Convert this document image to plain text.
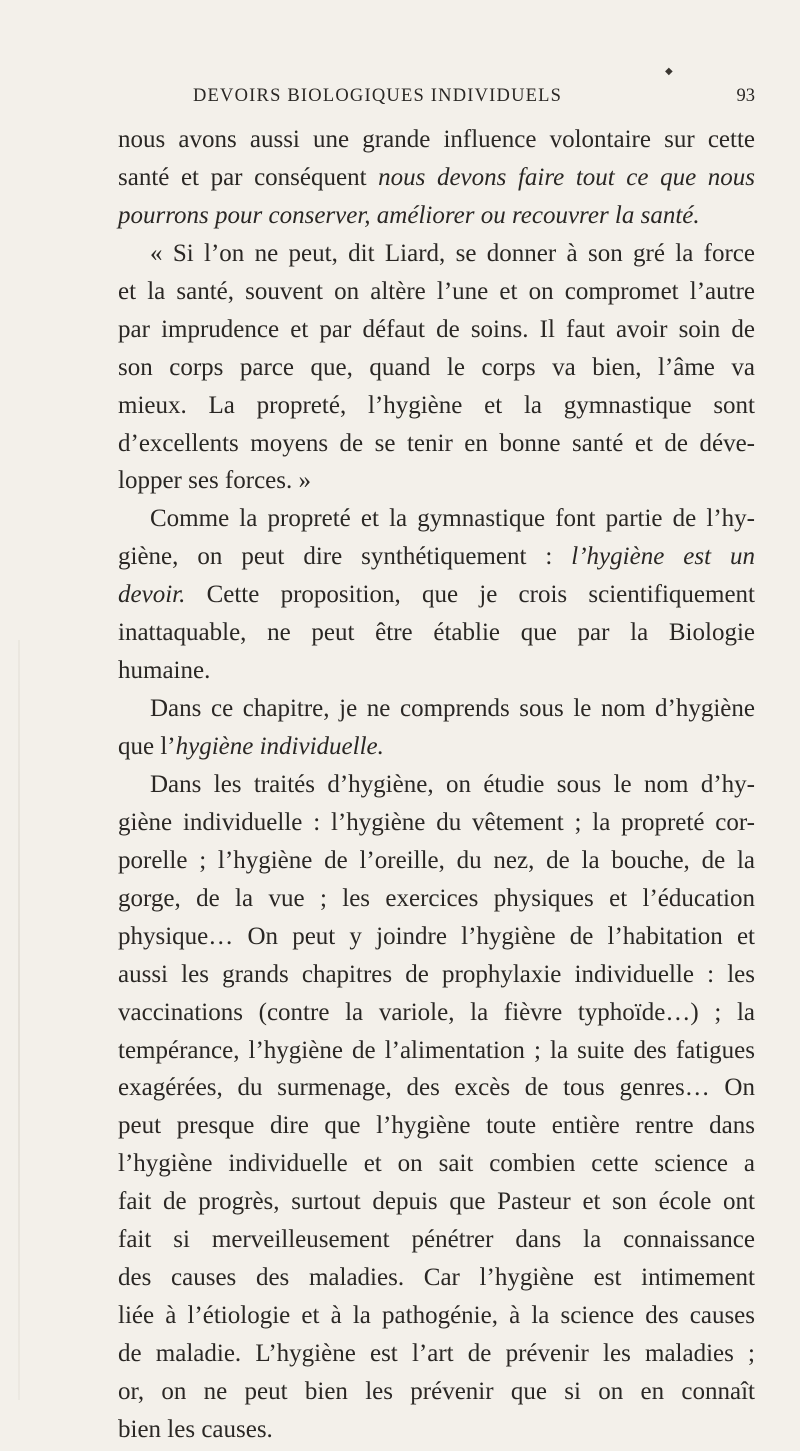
◆
DEVOIRS BIOLOGIQUES INDIVIDUELS	93
nous avons aussi une grande influence volontaire sur cette
santé et par conséquent nous devons faire tout ce que nous
pourrons pour conserver, améliorer ou recouvrer la santé.
« Si l’on ne peut, dit Liard, se donner à son gré la force
et la santé, souvent on altère l’une et on compromet l’autre
par imprudence et par défaut de soins. Il faut avoir soin de
son corps parce que, quand le corps va bien, l’âme va
mieux. La propreté, l’hygiène et la gymnastique sont
d’excellents moyens de se tenir en bonne santé et de déve-
lopper ses forces. »
Comme la propreté et la gymnastique font partie de l’hy-
giène, on peut dire synthétiquement : l’hygiène est un
devoir. Cette proposition, que je crois scientifiquement
inattaquable, ne peut être établie que par la Biologie
humaine.
Dans ce chapitre, je ne comprends sous le nom d’hygiène
que l’hygiène individuelle.
Dans les traités d’hygiène, on étudie sous le nom d’hy-
giène individuelle : l’hygiène du vêtement ; la propreté cor-
porelle ; l’hygiène de l’oreille, du nez, de la bouche, de la
gorge, de la vue ; les exercices physiques et l’éducation
physique… On peut y joindre l’hygiène de l’habitation et
aussi les grands chapitres de prophylaxie individuelle : les
vaccinations (contre la variole, la fièvre typhoïde…) ; la
tempérance, l’hygiène de l’alimentation ; la suite des fatigues
exagérées, du surmenage, des excès de tous genres… On
peut presque dire que l’hygiène toute entière rentre dans
l’hygiène individuelle et on sait combien cette science a
fait de progrès, surtout depuis que Pasteur et son école ont
fait si merveilleusement pénétrer dans la connaissance
des causes des maladies. Car l’hygiène est intimement
liée à l’étiologie et à la pathogénie, à la science des causes
de maladie. L’hygiène est l’art de prévenir les maladies ;
or, on ne peut bien les prévenir que si on en connaît
bien les causes.
